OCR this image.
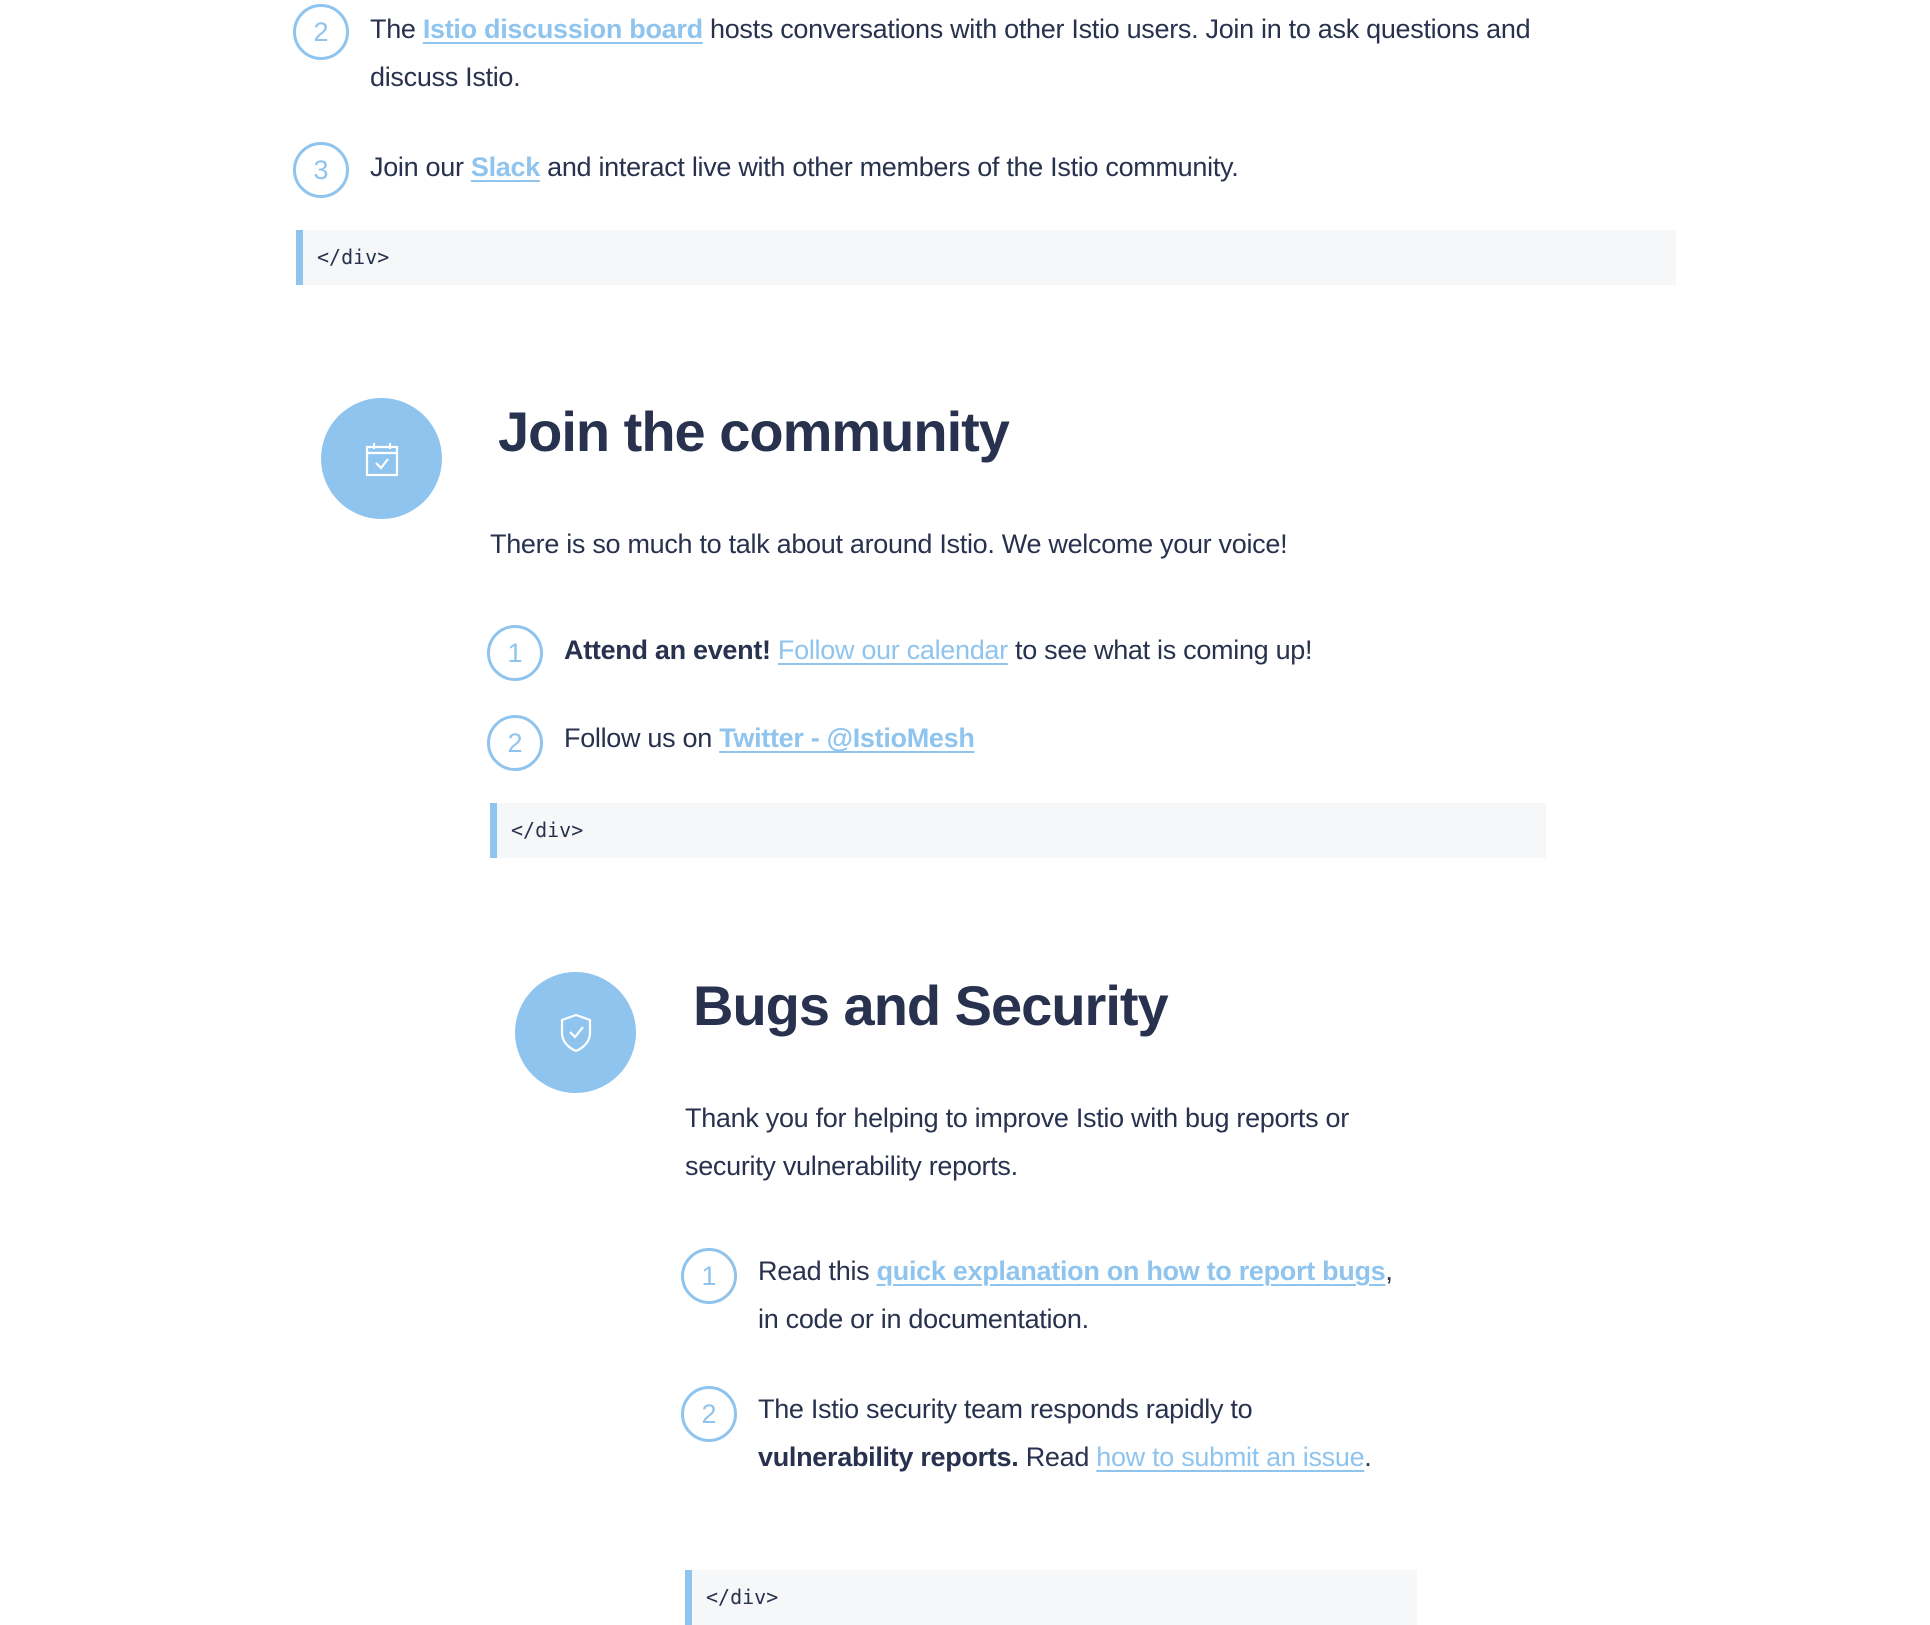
2	The Istio discussion board hosts conversations with other Istio users. Join in to ask questions and discuss Istio.
3	Join our Slack and interact live with other members of the Istio community.
</div>
Join the community
There is so much to talk about around Istio. We welcome your voice!
1	Attend an event! Follow our calendar to see what is coming up!
2	Follow us on Twitter - @IstioMesh
</div>
Bugs and Security
Thank you for helping to improve Istio with bug reports or security vulnerability reports.
1	Read this quick explanation on how to report bugs, in code or in documentation.
2	The Istio security team responds rapidly to vulnerability reports. Read how to submit an issue.
</div>
